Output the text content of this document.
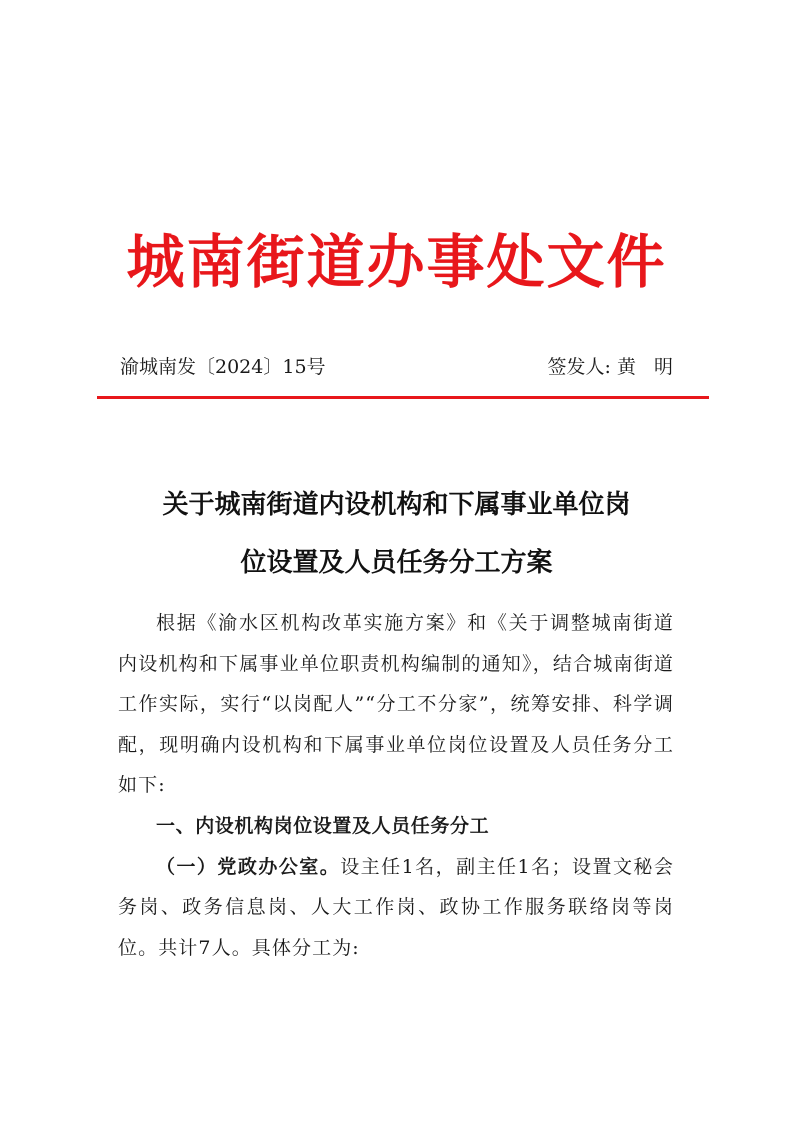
城南街道办事处文件
渝城南发〔2024〕15号	签发人: 黄明
关于城南街道内设机构和下属事业单位岗
位设置及人员任务分工方案

根据《渝水区机构改革实施方案》和《关于调整城南街道内设机构和下属事业单位职责机构编制的通知》，结合城南街道工作实际，实行“以岗配人”“分工不分家”，统筹安排、科学调配，现明确内设机构和下属事业单位岗位设置及人员任务分工如下:

一、内设机构岗位设置及人员任务分工

（一）党政办公室。设主任1名，副主任1名；设置文秘会务岗、政务信息岗、人大工作岗、政协工作服务联络岗等岗位。共计7人。具体分工为:
